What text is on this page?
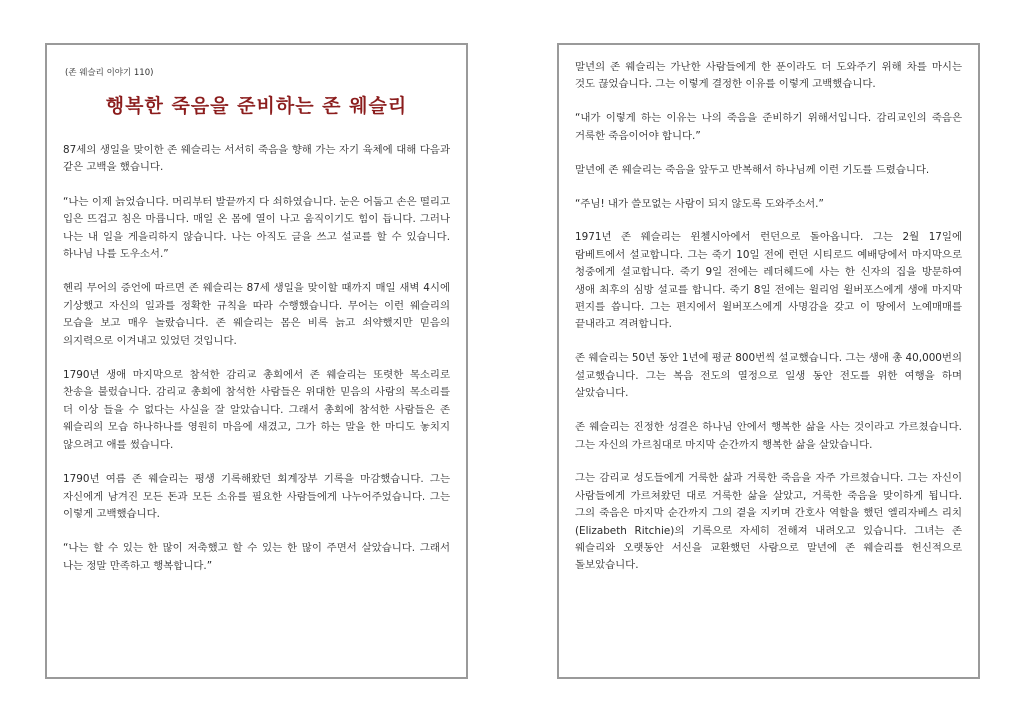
(존 웨슬리 이야기 110)
행복한 죽음을 준비하는 존 웨슬리

87세의 생일을 맞이한 존 웨슬리는 서서히 죽음을 향해 가는 자기 육체에 대해 다음과 같은 고백을 했습니다.

“나는 이제 늙었습니다. 머리부터 발끝까지 다 쇠하였습니다. 눈은 어둡고 손은 떨리고 입은 뜨겁고 침은 마릅니다. 매일 온 몸에 열이 나고 움직이기도 힘이 듭니다. 그러나 나는 내 일을 게을리하지 않습니다. 나는 아직도 글을 쓰고 설교를 할 수 있습니다. 하나님 나를 도우소서.”

헨리 무어의 증언에 따르면 존 웨슬리는 87세 생일을 맞이할 때까지 매일 새벽 4시에 기상했고 자신의 일과를 정확한 규칙을 따라 수행했습니다. 무어는 이런 웨슬리의 모습을 보고 매우 놀랐습니다. 존 웨슬리는 몸은 비록 늙고 쇠약했지만 믿음의 의지력으로 이겨내고 있었던 것입니다.

1790년 생애 마지막으로 참석한 감리교 총회에서 존 웨슬리는 또렷한 목소리로 찬송을 불렀습니다. 감리교 총회에 참석한 사람들은 위대한 믿음의 사람의 목소리를 더 이상 들을 수 없다는 사실을 잘 알았습니다. 그래서 총회에 참석한 사람들은 존 웨슬리의 모습 하나하나를 영원히 마음에 새겼고, 그가 하는 말을 한 마디도 놓치지 않으려고 애를 썼습니다.

1790년 여름 존 웨슬리는 평생 기록해왔던 회계장부 기록을 마감했습니다. 그는 자신에게 남겨진 모든 돈과 모든 소유를 필요한 사람들에게 나누어주었습니다. 그는 이렇게 고백했습니다.

“나는 할 수 있는 한 많이 저축했고 할 수 있는 한 많이 주면서 살았습니다. 그래서 나는 정말 만족하고 행복합니다.”

말년의 존 웨슬리는 가난한 사람들에게 한 푼이라도 더 도와주기 위해 차를 마시는 것도 끊었습니다. 그는 이렇게 결정한 이유를 이렇게 고백했습니다.

“내가 이렇게 하는 이유는 나의 죽음을 준비하기 위해서입니다. 감리교인의 죽음은 거룩한 죽음이어야 합니다.”

말년에 존 웨슬리는 죽음을 앞두고 반복해서 하나님께 이런 기도를 드렸습니다.

“주님! 내가 쓸모없는 사람이 되지 않도록 도와주소서.”

1971년 존 웨슬리는 윈첼시아에서 런던으로 돌아옵니다. 그는 2월 17일에 람베트에서 설교합니다. 그는 죽기 10일 전에 런던 시티로드 예배당에서 마지막으로 청중에게 설교합니다. 죽기 9일 전에는 레더헤드에 사는 한 신자의 집을 방문하여 생애 최후의 심방 설교를 합니다. 죽기 8일 전에는 윌리엄 윌버포스에게 생애 마지막 편지를 씁니다. 그는 편지에서 윌버포스에게 사명감을 갖고 이 땅에서 노예매매를 끝내라고 격려합니다.

존 웨슬리는 50년 동안 1년에 평균 800번씩 설교했습니다. 그는 생애 총 40,000번의 설교했습니다. 그는 복음 전도의 열정으로 일생 동안 전도를 위한 여행을 하며 살았습니다.

존 웨슬리는 진정한 성결은 하나님 안에서 행복한 삶을 사는 것이라고 가르쳤습니다. 그는 자신의 가르침대로 마지막 순간까지 행복한 삶을 살았습니다.

그는 감리교 성도들에게 거룩한 삶과 거룩한 죽음을 자주 가르쳤습니다. 그는 자신이 사람들에게 가르쳐왔던 대로 거룩한 삶을 살았고, 거룩한 죽음을 맞이하게 됩니다. 그의 죽음은 마지막 순간까지 그의 곁을 지키며 간호사 역할을 했던 엘리자베스 리치(Elizabeth Ritchie)의 기록으로 자세히 전해져 내려오고 있습니다. 그녀는 존 웨슬리와 오랫동안 서신을 교환했던 사람으로 말년에 존 웨슬리를 헌신적으로 돌보았습니다.
